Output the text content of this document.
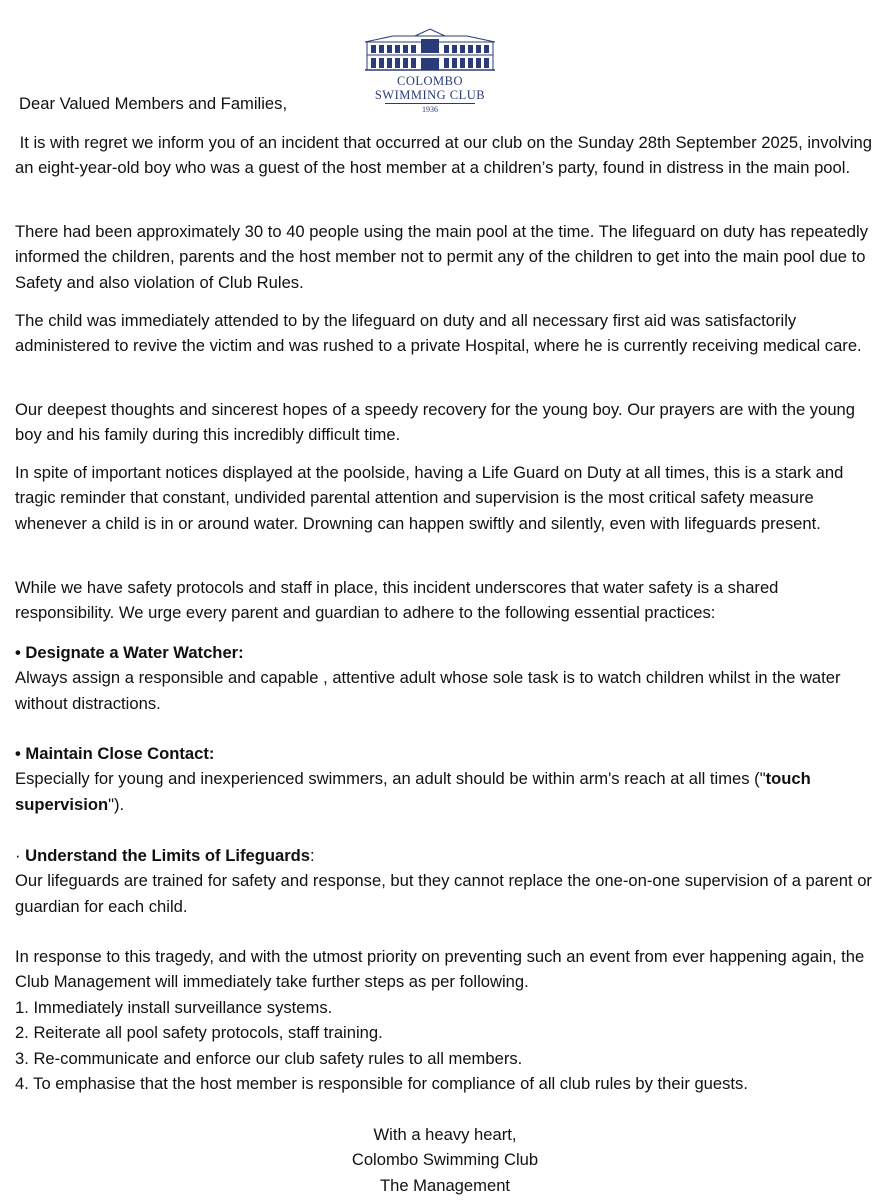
COLOMBO
SWIMMING CLUB
1936

Dear Valued Members and Families,

It is with regret we inform you of an incident that occurred at our club on the Sunday 28th September 2025, involving an eight-year-old boy who was a guest of the host member at a children’s party, found in distress in the main pool.

There had been approximately 30 to 40 people using the main pool at the time. The lifeguard on duty has repeatedly informed the children, parents and the host member not to permit any of the children to get into the main pool due to Safety and also violation of Club Rules.

The child was immediately attended to by the lifeguard on duty and all necessary first aid was satisfactorily administered to revive the victim and was rushed to a private Hospital, where he is currently receiving medical care.

Our deepest thoughts and sincerest hopes of a speedy recovery for the young boy. Our prayers are with the young boy and his family during this incredibly difficult time.

In spite of important notices displayed at the poolside, having a Life Guard on Duty at all times, this is a stark and tragic reminder that constant, undivided parental attention and supervision is the most critical safety measure whenever a child is in or around water. Drowning can happen swiftly and silently, even with lifeguards present.

While we have safety protocols and staff in place, this incident underscores that water safety is a shared responsibility. We urge every parent and guardian to adhere to the following essential practices:

• Designate a Water Watcher:
Always assign a responsible and capable , attentive adult whose sole task is to watch children whilst in the water without distractions.

• Maintain Close Contact:
Especially for young and inexperienced swimmers, an adult should be within arm's reach at all times ("touch supervision").

· Understand the Limits of Lifeguards:
Our lifeguards are trained for safety and response, but they cannot replace the one-on-one supervision of a parent or guardian for each child.

In response to this tragedy, and with the utmost priority on preventing such an event from ever happening again, the Club Management will immediately take further steps as per following.

1. Immediately install surveillance systems.
2. Reiterate all pool safety protocols, staff training.
3. Re-communicate and enforce our club safety rules to all members.
4. To emphasise that the host member is responsible for compliance of all club rules by their guests.
With a heavy heart,
Colombo Swimming Club
The Management
